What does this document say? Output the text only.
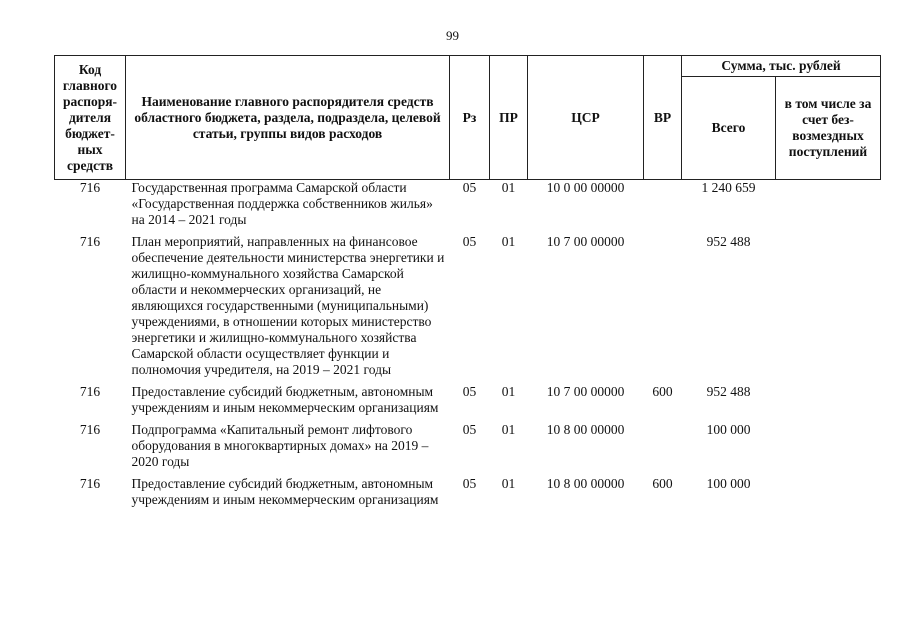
99
Код главного распоря-дителя бюджет-ных средств	Наименование главного распорядителя средств областного бюджета, раздела, подраздела, целевой статьи, группы видов расходов	Рз	ПР	ЦСР	ВР	Сумма, тыс. рублей	
						Всего	в том числе за счет без-возмездных поступлений
716	Государственная программа Самарской области «Государственная поддержка собственников жилья» на 2014 – 2021 годы	05	01	10 0 00 00000		1 240 659	
716	План мероприятий, направленных на финансовое обеспечение деятельности министерства энергетики и жилищно-коммунального хозяйства Самарской области и некоммерческих организаций, не являющихся государственными (муниципальными) учреждениями, в отношении которых министерство энергетики и жилищно-коммунального хозяйства Самарской области осуществляет функции и полномочия учредителя, на 2019 – 2021 годы	05	01	10 7 00 00000		952 488	
716	Предоставление субсидий бюджетным, автономным учреждениям и иным некоммерческим организациям	05	01	10 7 00 00000	600	952 488	
716	Подпрограмма «Капитальный ремонт лифтового оборудования в многоквартирных домах» на 2019 – 2020 годы	05	01	10 8 00 00000		100 000	
716	Предоставление субсидий бюджетным, автономным учреждениям и иным некоммерческим организациям	05	01	10 8 00 00000	600	100 000	
